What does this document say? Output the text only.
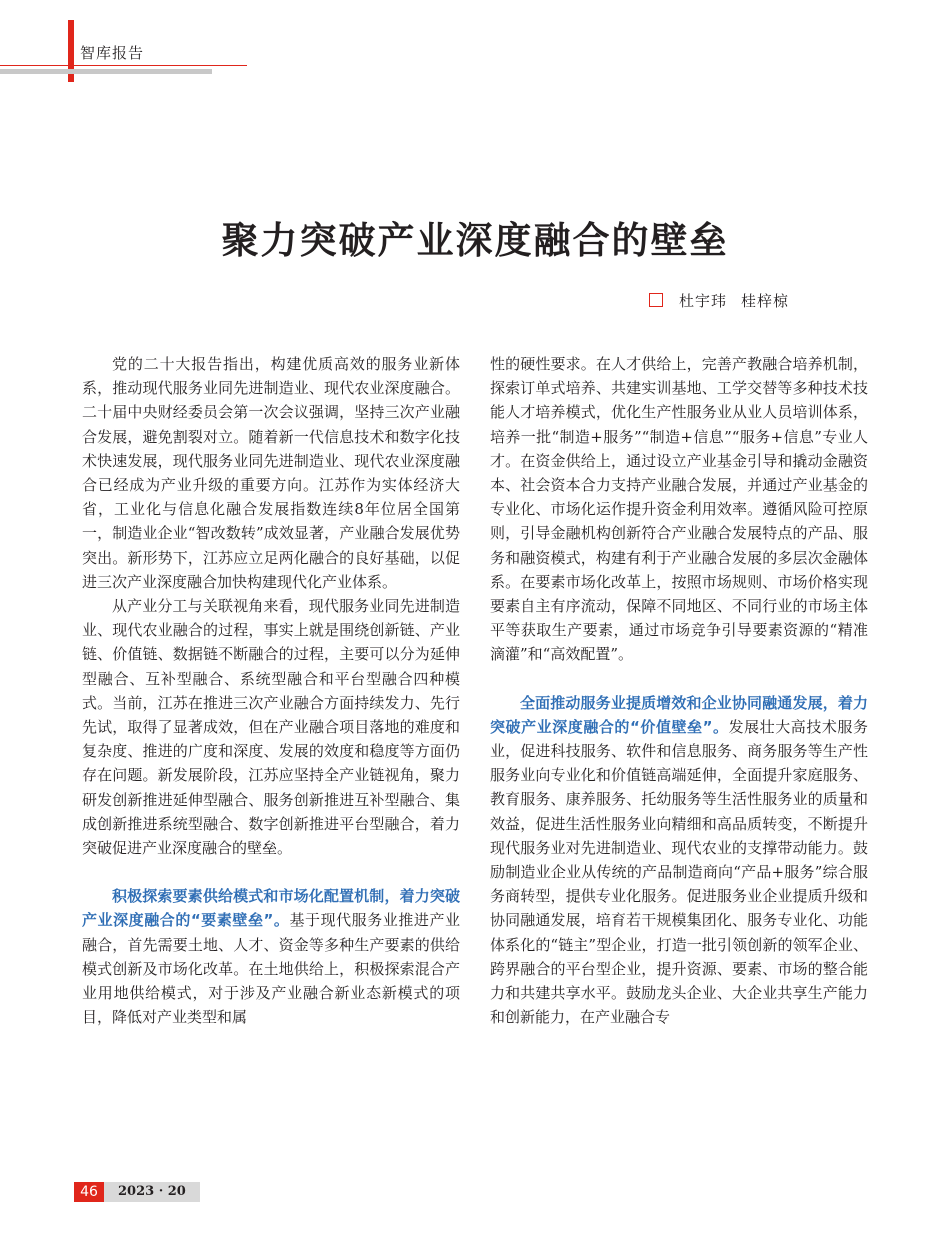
智库报告
聚力突破产业深度融合的壁垒
杜宇玮 桂梓椋

党的二十大报告指出，构建优质高效的服务业新体系，推动现代服务业同先进制造业、现代农业深度融合。二十届中央财经委员会第一次会议强调，坚持三次产业融合发展，避免割裂对立。随着新一代信息技术和数字化技术快速发展，现代服务业同先进制造业、现代农业深度融合已经成为产业升级的重要方向。江苏作为实体经济大省，工业化与信息化融合发展指数连续8年位居全国第一，制造业企业“智改数转”成效显著，产业融合发展优势突出。新形势下，江苏应立足两化融合的良好基础，以促进三次产业深度融合加快构建现代化产业体系。

从产业分工与关联视角来看，现代服务业同先进制造业、现代农业融合的过程，事实上就是围绕创新链、产业链、价值链、数据链不断融合的过程，主要可以分为延伸型融合、互补型融合、系统型融合和平台型融合四种模式。当前，江苏在推进三次产业融合方面持续发力、先行先试，取得了显著成效，但在产业融合项目落地的难度和复杂度、推进的广度和深度、发展的效度和稳度等方面仍存在问题。新发展阶段，江苏应坚持全产业链视角，聚力研发创新推进延伸型融合、服务创新推进互补型融合、集成创新推进系统型融合、数字创新推进平台型融合，着力突破促进产业深度融合的壁垒。

积极探索要素供给模式和市场化配置机制，着力突破产业深度融合的“要素壁垒”。基于现代服务业推进产业融合，首先需要土地、人才、资金等多种生产要素的供给模式创新及市场化改革。在土地供给上，积极探索混合产业用地供给模式，对于涉及产业融合新业态新模式的项目，降低对产业类型和属

性的硬性要求。在人才供给上，完善产教融合培养机制，探索订单式培养、共建实训基地、工学交替等多种技术技能人才培养模式，优化生产性服务业从业人员培训体系，培养一批“制造+服务”“制造+信息”“服务+信息”专业人才。在资金供给上，通过设立产业基金引导和撬动金融资本、社会资本合力支持产业融合发展，并通过产业基金的专业化、市场化运作提升资金利用效率。遵循风险可控原则，引导金融机构创新符合产业融合发展特点的产品、服务和融资模式，构建有利于产业融合发展的多层次金融体系。在要素市场化改革上，按照市场规则、市场价格实现要素自主有序流动，保障不同地区、不同行业的市场主体平等获取生产要素，通过市场竞争引导要素资源的“精准滴灌”和“高效配置”。

全面推动服务业提质增效和企业协同融通发展，着力突破产业深度融合的“价值壁垒”。发展壮大高技术服务业，促进科技服务、软件和信息服务、商务服务等生产性服务业向专业化和价值链高端延伸，全面提升家庭服务、教育服务、康养服务、托幼服务等生活性服务业的质量和效益，促进生活性服务业向精细和高品质转变，不断提升现代服务业对先进制造业、现代农业的支撑带动能力。鼓励制造业企业从传统的产品制造商向“产品+服务”综合服务商转型，提供专业化服务。促进服务业企业提质升级和协同融通发展，培育若干规模集团化、服务专业化、功能体系化的“链主”型企业，打造一批引领创新的领军企业、跨界融合的平台型企业，提升资源、要素、市场的整合能力和共建共享水平。鼓励龙头企业、大企业共享生产能力和创新能力，在产业融合专

46	2023 · 20
